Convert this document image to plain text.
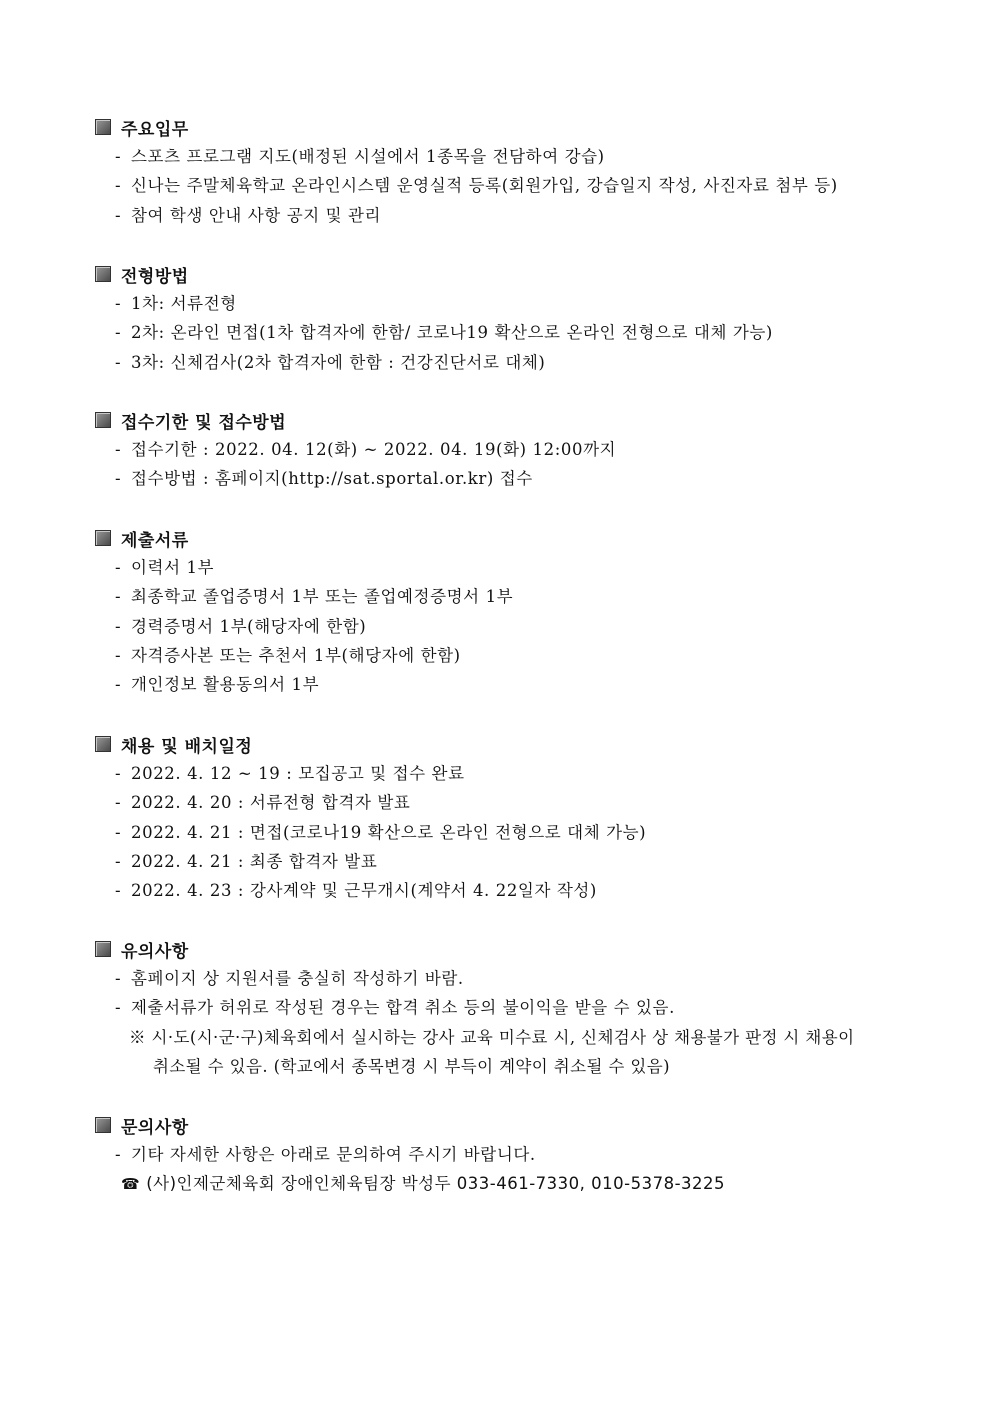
주요입무
- 스포츠 프로그램 지도(배정된 시설에서 1종목을 전담하여 강습)
- 신나는 주말체육학교 온라인시스템 운영실적 등록(회원가입, 강습일지 작성, 사진자료 첨부 등)
- 참여 학생 안내 사항 공지 및 관리
전형방법
- 1차: 서류전형
- 2차: 온라인 면접(1차 합격자에 한함/ 코로나19 확산으로 온라인 전형으로 대체 가능)
- 3차: 신체검사(2차 합격자에 한함 : 건강진단서로 대체)
접수기한 및 접수방법
- 접수기한 : 2022. 04. 12(화) ~ 2022. 04. 19(화) 12:00까지
- 접수방법 : 홈페이지(http://sat.sportal.or.kr) 접수
제출서류
- 이력서 1부
- 최종학교 졸업증명서 1부 또는 졸업예정증명서 1부
- 경력증명서 1부(해당자에 한함)
- 자격증사본 또는 추천서 1부(해당자에 한함)
- 개인정보 활용동의서 1부
채용 및 배치일정
- 2022. 4. 12 ~ 19 : 모집공고 및 접수 완료
- 2022. 4. 20 : 서류전형 합격자 발표
- 2022. 4. 21 : 면접(코로나19 확산으로 온라인 전형으로 대체 가능)
- 2022. 4. 21 : 최종 합격자 발표
- 2022. 4. 23 : 강사계약 및 근무개시(계약서 4. 22일자 작성)
유의사항
- 홈페이지 상 지원서를 충실히 작성하기 바람.
- 제출서류가 허위로 작성된 경우는 합격 취소 등의 불이익을 받을 수 있음.
※ 시·도(시·군·구)체육회에서 실시하는 강사 교육 미수료 시, 신체검사 상 채용불가 판정 시 채용이
취소될 수 있음. (학교에서 종목변경 시 부득이 계약이 취소될 수 있음)
문의사항
- 기타 자세한 사항은 아래로 문의하여 주시기 바랍니다.
☎ (사)인제군체육회 장애인체육팀장 박성두 033-461-7330, 010-5378-3225
